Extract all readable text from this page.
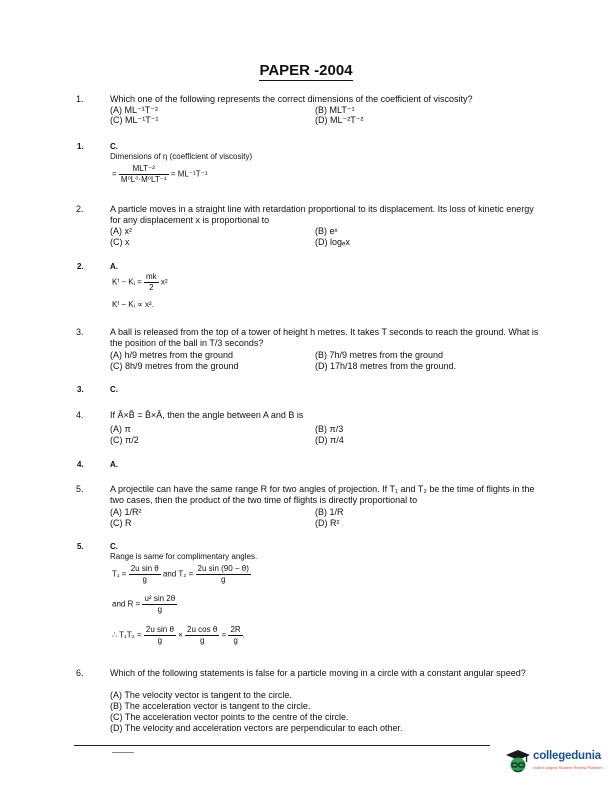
PAPER -2004
1.	Which one of the following represents the correct dimensions of the coefficient of viscosity?
(A) ML⁻¹T⁻²	(B) MLT⁻¹
(C) ML⁻¹T⁻¹	(D) ML⁻²T⁻²
1.	C.
Dimensions of η (coefficient of viscosity)
= $\frac{\text{MLT⁻²}}{\text{M⁰L⁰·M⁰LT⁻¹}} = ML^{-1}T^{-1}$
2.	A particle moves in a straight line with retardation proportional to its displacement. Its loss of kinetic energy for any displacement x is proportional to
(A) x²	(B) eˣ
(C) x	(D) logₑx
2.	A.
Kᶠ − Kᵢ = $\frac{mk}{2} x^2$
Kᶠ − Kᵢ ∝ x².
3.	A ball is released from the top of a tower of height h metres. It takes T seconds to reach the ground. What is the position of the ball in T/3 seconds?
(A) h/9 metres from the ground	(B) 7h/9 metres from the ground
(C) 8h/9 metres from the ground	(D) 17h/18 metres from the ground.
3.	C.
4.	If Ā×B̄ = B̄×Ā, then the angle between A and B is
(A) π	(B) π/3
(C) π/2	(D) π/4
4.	A.
5.	A projectile can have the same range R for two angles of projection. If T₁ and T₂ be the time of flights in the two cases, then the product of the two time of flights is directly proportional to
(A) 1/R²	(B) 1/R
(C) R	(D) R²
5.	C.
Range is same for complimentary angles.
$T_1 = \frac{\text{2u sin θ}}{g}$ and $T_2 = \frac{\text{2u sin (90 − θ)}}{g}$
and $R = \frac{\text{u² sin 2θ}}{g}$
∴ $T_1T_2 = \frac{\text{2u sin θ}}{g} \times \frac{\text{2u cos θ}}{g} = \frac{2R}{g}$ .
6.	Which of the following statements is false for a particle moving in a circle with a constant angular speed?
(A) The velocity vector is tangent to the circle.
(B) The acceleration vector is tangent to the circle.
(C) The acceleration vector points to the centre of the circle.
(D) The velocity and acceleration vectors are perpendicular to each other.
collegedunia
India's largest Student Review Platform
